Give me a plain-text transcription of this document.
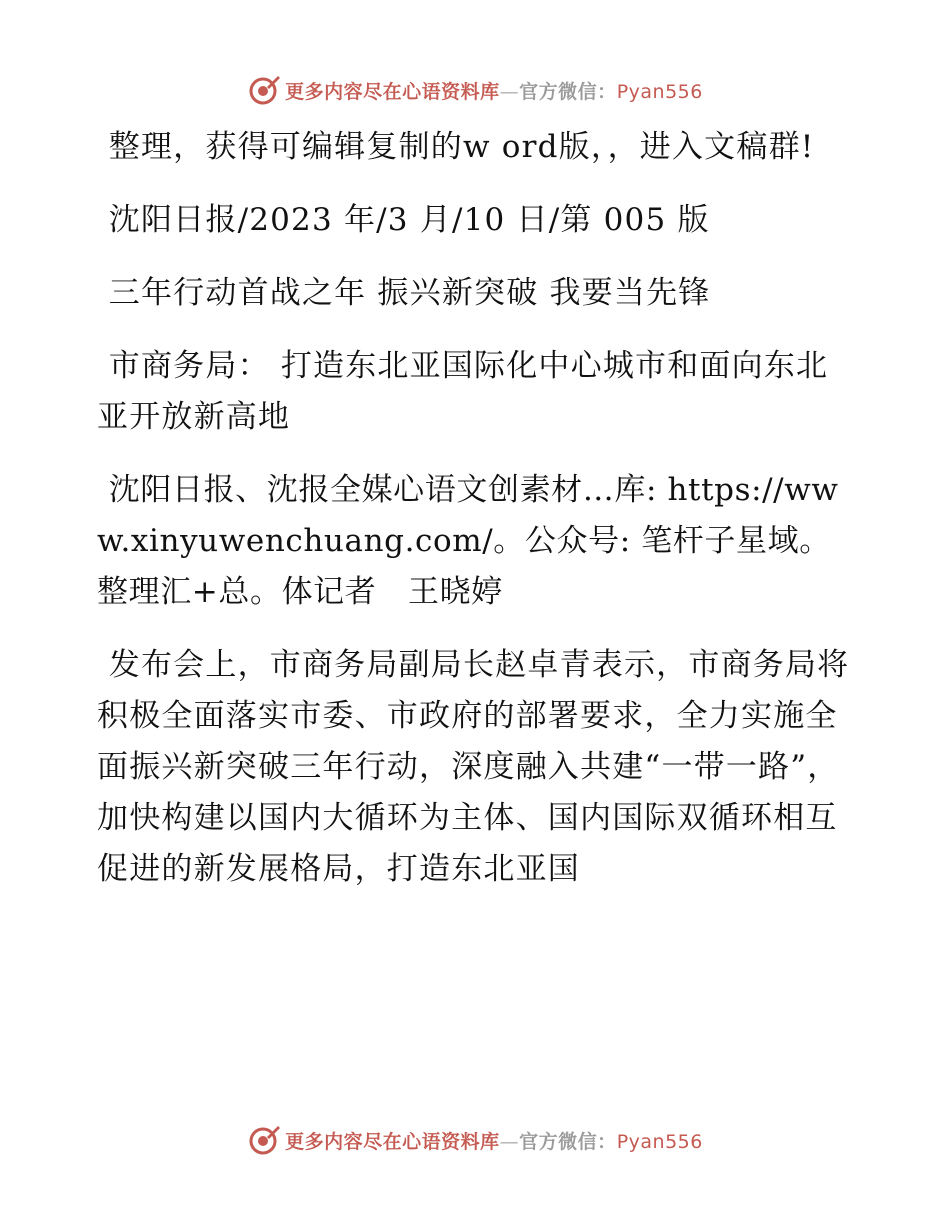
更多内容尽在心语资料库—官方微信：Pyan556

整理，获得可编辑复制的w ord版，，进入文稿群!

沈阳日报/2023 年/3 月/10 日/第 005 版

三年行动首战之年 振兴新突破 我要当先锋

市商务局： 打造东北亚国际化中心城市和面向东北亚开放新高地

沈阳日报、沈报全媒心语文创素材…库: https://www.xinyuwenchuang.com/。公众号: 笔杆子星域。整理汇+总。体记者　王晓婷

发布会上，市商务局副局长赵卓青表示，市商务局将积极全面落实市委、市政府的部署要求，全力实施全面振兴新突破三年行动，深度融入共建“一带一路”，加快构建以国内大循环为主体、国内国际双循环相互促进的新发展格局，打造东北亚国

更多内容尽在心语资料库—官方微信：Pyan556
